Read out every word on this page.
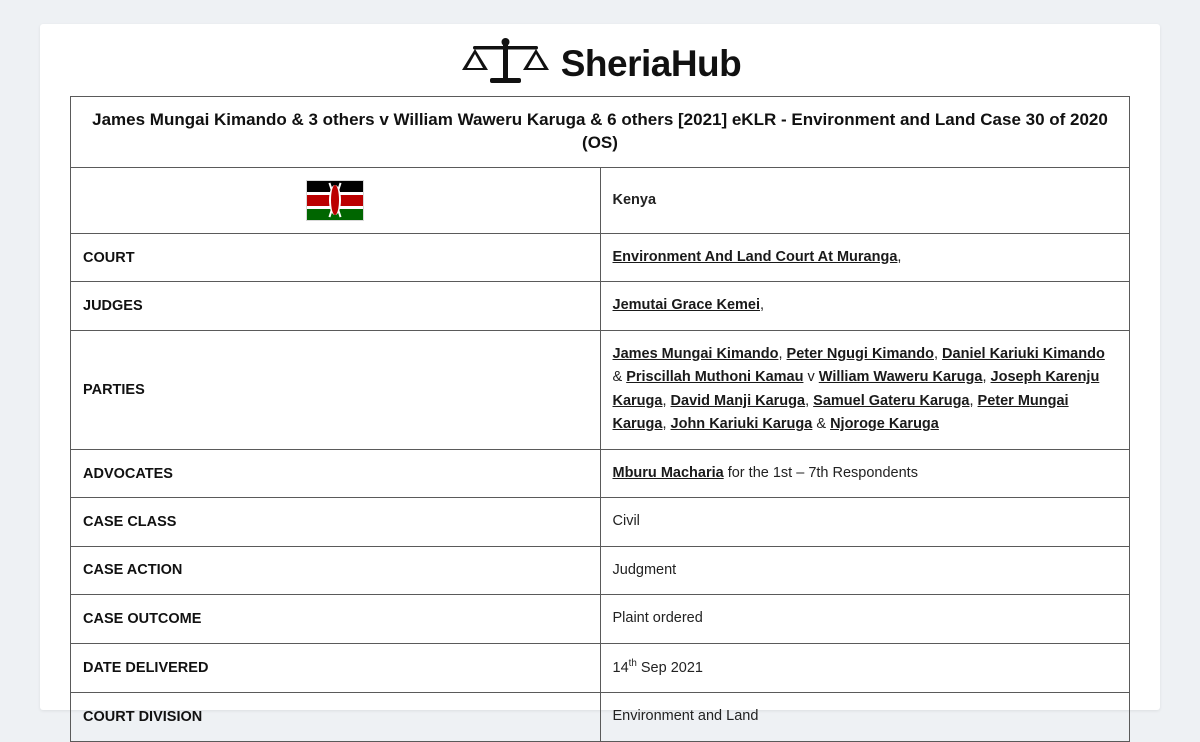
SheriaHub
James Mungai Kimando & 3 others v William Waweru Karuga & 6 others [2021] eKLR - Environment and Land Case 30 of 2020 (OS)	

	Kenya
COURT	Environment And Land Court At Muranga,
JUDGES	Jemutai Grace Kemei,
PARTIES	James Mungai Kimando, Peter Ngugi Kimando, Daniel Kariuki Kimando & Priscillah Muthoni Kamau v William Waweru Karuga, Joseph Karenju Karuga, David Manji Karuga, Samuel Gateru Karuga, Peter Mungai Karuga, John Kariuki Karuga & Njoroge Karuga
ADVOCATES	Mburu Macharia for the 1st – 7th Respondents
CASE CLASS	Civil
CASE ACTION	Judgment
CASE OUTCOME	Plaint ordered
DATE DELIVERED	14th Sep 2021
COURT DIVISION	Environment and Land
